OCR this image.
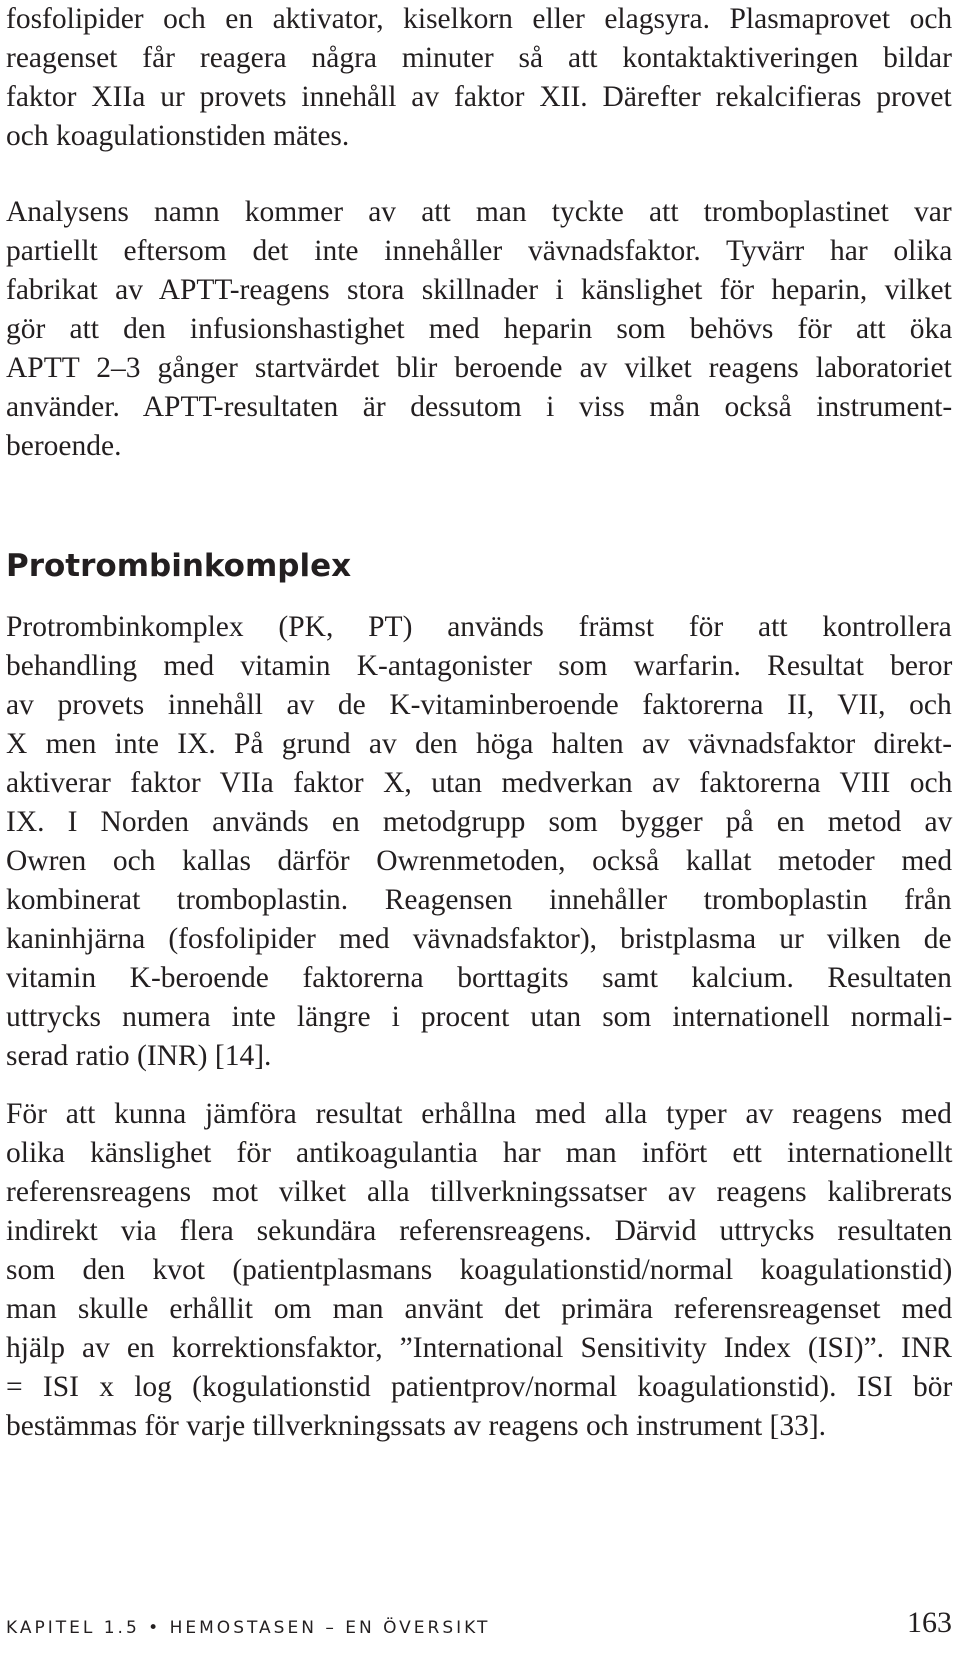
fosfolipider och en aktivator, kiselkorn eller elagsyra. Plasmaprovet och
reagenset får reagera några minuter så att kontaktaktiveringen bildar
faktor XIIa ur provets innehåll av faktor XII. Därefter rekalcifieras provet
och koagulationstiden mätes.

Analysens namn kommer av att man tyckte att tromboplastinet var
partiellt eftersom det inte innehåller vävnadsfaktor. Tyvärr har olika
fabrikat av APTT-reagens stora skillnader i känslighet för heparin, vilket
gör att den infusionshastighet med heparin som behövs för att öka
APTT 2–3 gånger startvärdet blir beroende av vilket reagens laboratoriet
använder. APTT-resultaten är dessutom i viss mån också instrument-
beroende.

Protrombinkomplex

Protrombinkomplex (PK, PT) används främst för att kontrollera
behandling med vitamin K-antagonister som warfarin. Resultat beror
av provets innehåll av de K-vitaminberoende faktorerna II, VII, och
X men inte IX. På grund av den höga halten av vävnadsfaktor direkt-
aktiverar faktor VIIa faktor X, utan medverkan av faktorerna VIII och
IX. I Norden används en metodgrupp som bygger på en metod av
Owren och kallas därför Owrenmetoden, också kallat metoder med
kombinerat tromboplastin. Reagensen innehåller tromboplastin från
kaninhjärna (fosfolipider med vävnadsfaktor), bristplasma ur vilken de
vitamin K-beroende faktorerna borttagits samt kalcium. Resultaten
uttrycks numera inte längre i procent utan som internationell normali-
serad ratio (INR) [14].

För att kunna jämföra resultat erhållna med alla typer av reagens med
olika känslighet för antikoagulantia har man infört ett internationellt
referensreagens mot vilket alla tillverkningssatser av reagens kalibrerats
indirekt via flera sekundära referensreagens. Därvid uttrycks resultaten
som den kvot (patientplasmans koagulationstid/normal koagulationstid)
man skulle erhållit om man använt det primära referensreagenset med
hjälp av en korrektionsfaktor, ”International Sensitivity Index (ISI)”. INR
= ISI x log (kogulationstid patientprov/normal koagulationstid). ISI bör
bestämmas för varje tillverkningssats av reagens och instrument [33].

KAPITEL 1.5 • HEMOSTASEN – EN ÖVERSIKT	163
